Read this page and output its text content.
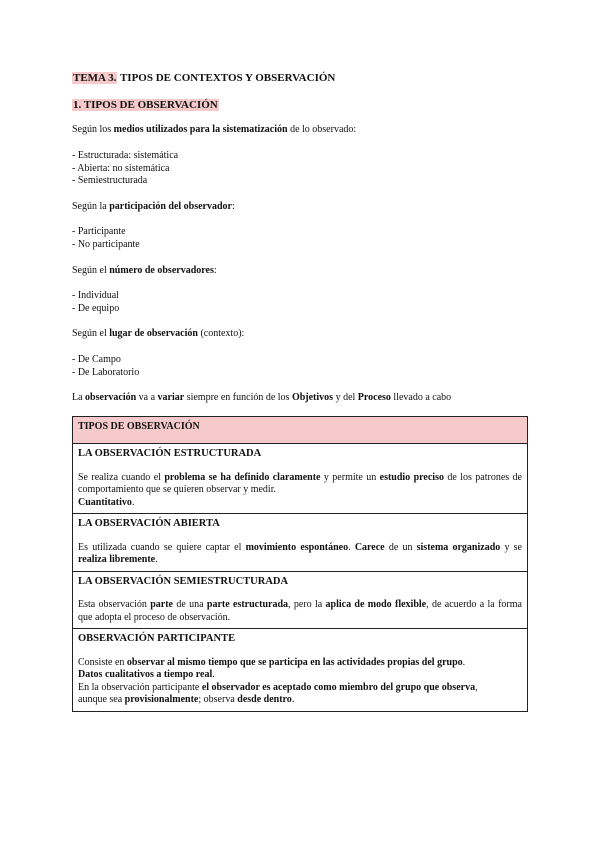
TEMA 3. TIPOS DE CONTEXTOS Y OBSERVACIÓN
1. TIPOS DE OBSERVACIÓN
Según los medios utilizados para la sistematización de lo observado:
- Estructurada: sistemática
- Abierta: no sistemática
- Semiestructurada
Según la participación del observador:
- Participante
- No participante
Según el número de observadores:
- Individual
- De equipo
Según el lugar de observación (contexto):
- De Campo
- De Laboratorio
La observación va a variar siempre en función de los Objetivos y del Proceso llevado a cabo
TIPOS DE OBSERVACIÓN

LA OBSERVACIÓN ESTRUCTURADA
Se realiza cuando el problema se ha definido claramente y permite un estudio preciso de los patrones de comportamiento que se quieren observar y medir.
Cuantitativo.

LA OBSERVACIÓN ABIERTA
Es utilizada cuando se quiere captar el movimiento espontáneo. Carece de un sistema organizado y se realiza libremente.

LA OBSERVACIÓN SEMIESTRUCTURADA
Esta observación parte de una parte estructurada, pero la aplica de modo flexible, de acuerdo a la forma que adopta el proceso de observación.

OBSERVACIÓN PARTICIPANTE
Consiste en observar al mismo tiempo que se participa en las actividades propias del grupo.
Datos cualitativos a tiempo real.
En la observación participante el observador es aceptado como miembro del grupo que observa,
aunque sea provisionalmente; observa desde dentro.
